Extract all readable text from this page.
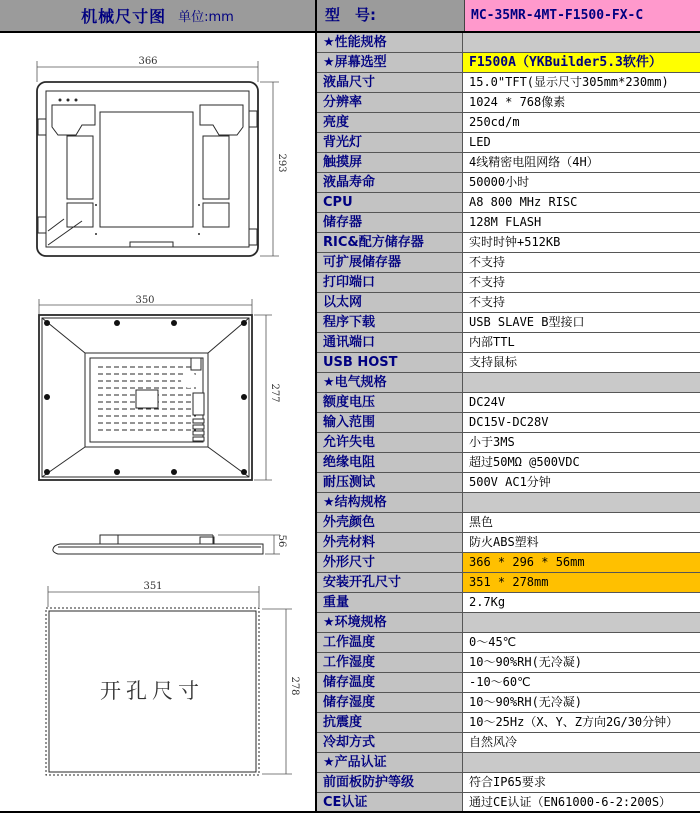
机械尺寸图 单位:mm	型　号:	MC-35MR-4MT-F1500-FX-C
366
293
350
277
56
351
278
开孔尺寸
★性能规格
★屏幕选型	F1500A（YKBuilder5.3软件）
液晶尺寸	15.0"TFT(显示尺寸305mm*230mm)
分辨率	1024 * 768像素
亮度	250cd/m
背光灯	LED
触摸屏	4线精密电阻网络（4H）
液晶寿命	50000小时
CPU	A8 800 MHz RISC
储存器	128M FLASH
RIC&配方储存器	实时时钟+512KB
可扩展储存器	不支持
打印端口	不支持
以太网	不支持
程序下载	USB SLAVE B型接口
通讯端口	内部TTL
USB HOST	支持鼠标
★电气规格
额度电压	DC24V
输入范围	DC15V-DC28V
允许失电	小于3MS
绝缘电阻	超过50MΩ @500VDC
耐压测试	500V AC1分钟
★结构规格
外壳颜色	黑色
外壳材料	防火ABS塑料
外形尺寸	366 * 296 * 56mm
安装开孔尺寸	351 * 278mm
重量	2.7Kg
★环境规格
工作温度	0～45℃
工作湿度	10～90%RH(无冷凝)
储存温度	-10～60℃
储存湿度	10～90%RH(无冷凝)
抗震度	10～25Hz（X、Y、Z方向2G/30分钟）
冷却方式	自然风冷
★产品认证
前面板防护等级	符合IP65要求
CE认证	通过CE认证（EN61000-6-2:200S）
